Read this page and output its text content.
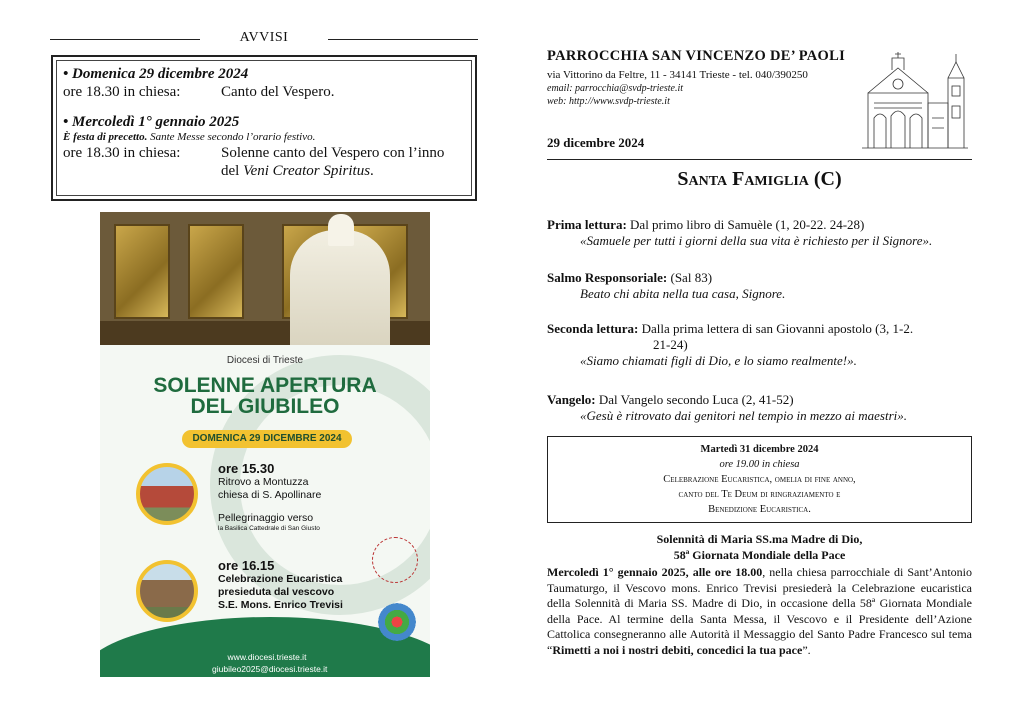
AVVISI
• Domenica 29 dicembre 2024
ore 18.30 in chiesa:	Canto del Vespero.
• Mercoledì 1° gennaio 2025
È festa di precetto. Sante Messe secondo l’orario festivo.
ore 18.30 in chiesa:	Solenne canto del Vespero con l’inno
del Veni Creator Spiritus.
Diocesi di Trieste
SOLENNE APERTURA
DEL GIUBILEO
DOMENICA 29 DICEMBRE 2024
ore 15.30
Ritrovo a Montuzza
chiesa di S. Apollinare
Pellegrinaggio verso
la Basilica Cattedrale di San Giusto
ore 16.15
Celebrazione Eucaristica
presieduta dal vescovo
S.E. Mons. Enrico Trevisi
www.diocesi.trieste.it
giubileo2025@diocesi.trieste.it
PARROCCHIA SAN VINCENZO DE’ PAOLI
via Vittorino da Feltre, 11 - 34141 Trieste - tel. 040/390250
email: parrocchia@svdp-trieste.it
web: http://www.svdp-trieste.it
29 dicembre 2024
Santa Famiglia (C)
Prima lettura: Dal primo libro di Samuèle (1, 20-22. 24-28)
«Samuele per tutti i giorni della sua vita è richiesto per il Signore».
Salmo Responsoriale: (Sal 83)
Beato chi abita nella tua casa, Signore.
Seconda lettura: Dalla prima lettera di san Giovanni apostolo (3, 1-2.
21-24)
«Siamo chiamati figli di Dio, e lo siamo realmente!».
Vangelo: Dal Vangelo secondo Luca (2, 41-52)
«Gesù è ritrovato dai genitori nel tempio in mezzo ai maestri».
Martedì 31 dicembre 2024
ore 19.00 in chiesa
Celebrazione Eucaristica, omelia di fine anno,
canto del Te Deum di ringraziamento e
Benedizione Eucaristica.
Solennità di Maria SS.ma Madre di Dio,
58ª Giornata Mondiale della Pace
Mercoledì 1° gennaio 2025, alle ore 18.00, nella chiesa parrocchiale di Sant’Antonio Taumaturgo, il Vescovo mons. Enrico Trevisi presiederà la Celebrazione eucaristica della Solennità di Maria SS. Madre di Dio, in occasione della 58ª Giornata Mondiale della Pace. Al termine della Santa Messa, il Vescovo e il Presidente dell’Azione Cattolica consegneranno alle Autorità il Messaggio del Santo Padre Francesco sul tema “Rimetti a noi i nostri debiti, concedici la tua pace”.
